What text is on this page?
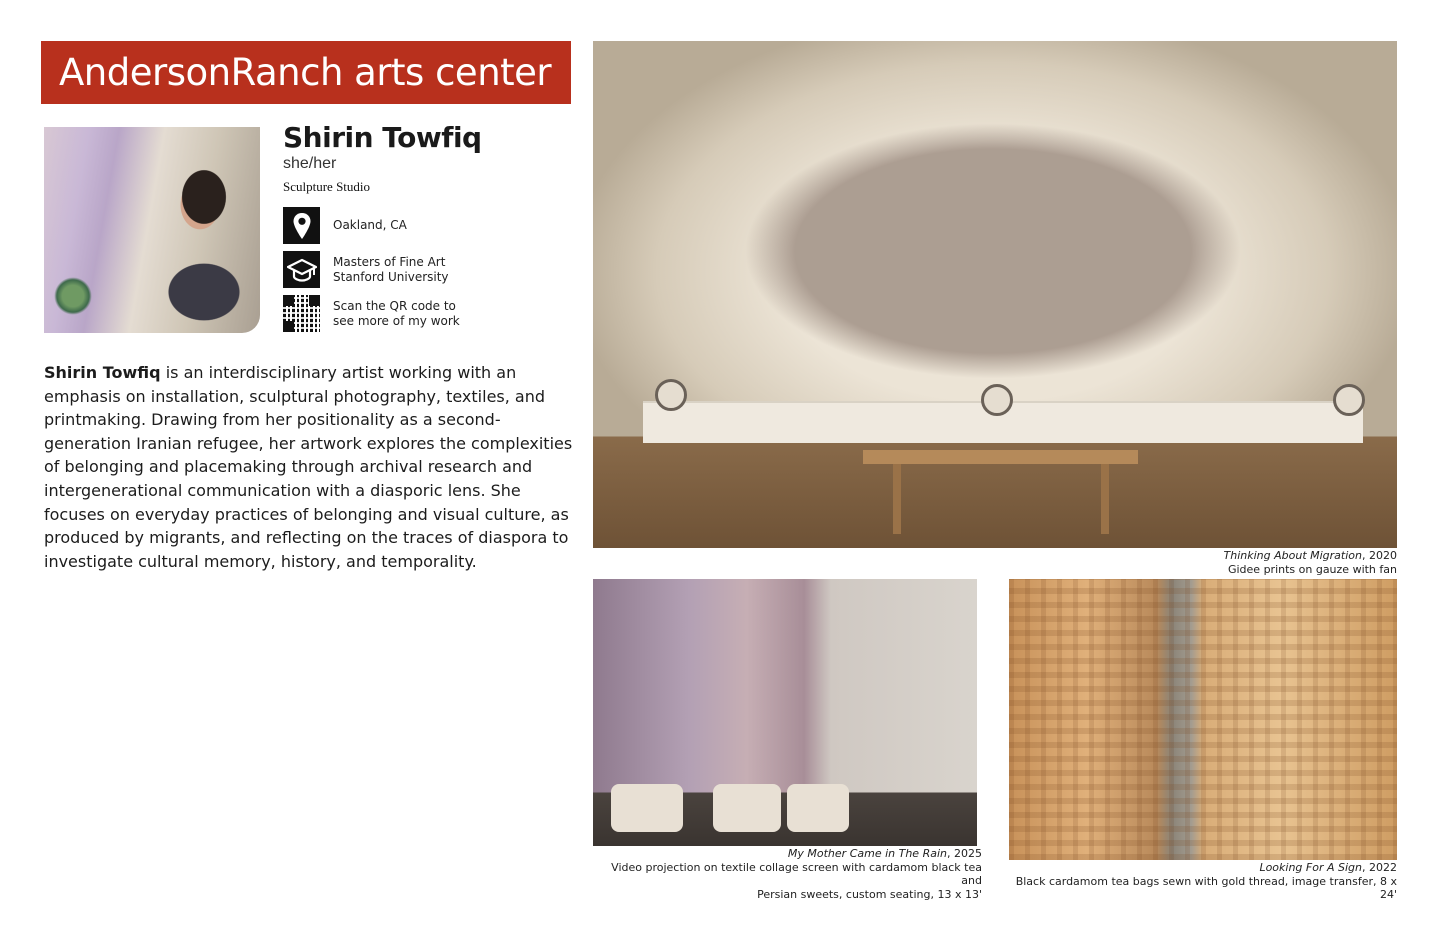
AndersonRanch arts center
Shirin Towfiq
she/her
Sculpture Studio
Oakland, CA
Masters of Fine Art
Stanford University
Scan the QR code to
see more of my work

Shirin Towfiq is an interdisciplinary artist working with an emphasis on installation, sculptural photography, textiles, and printmaking. Drawing from her positionality as a second-generation Iranian refugee, her artwork explores the complexities of belonging and placemaking through archival research and intergenerational communication with a diasporic lens. She focuses on everyday practices of belonging and visual culture, as produced by migrants, and reflecting on the traces of diaspora to investigate cultural memory, history, and temporality.	Thinking About Migration, 2020
Gidee prints on gauze with fan
My Mother Came in The Rain, 2025
Video projection on textile collage screen with cardamom black tea and
Persian sweets, custom seating, 13 x 13'
Looking For A Sign, 2022
Black cardamom tea bags sewn with gold thread, image transfer, 8 x 24'
